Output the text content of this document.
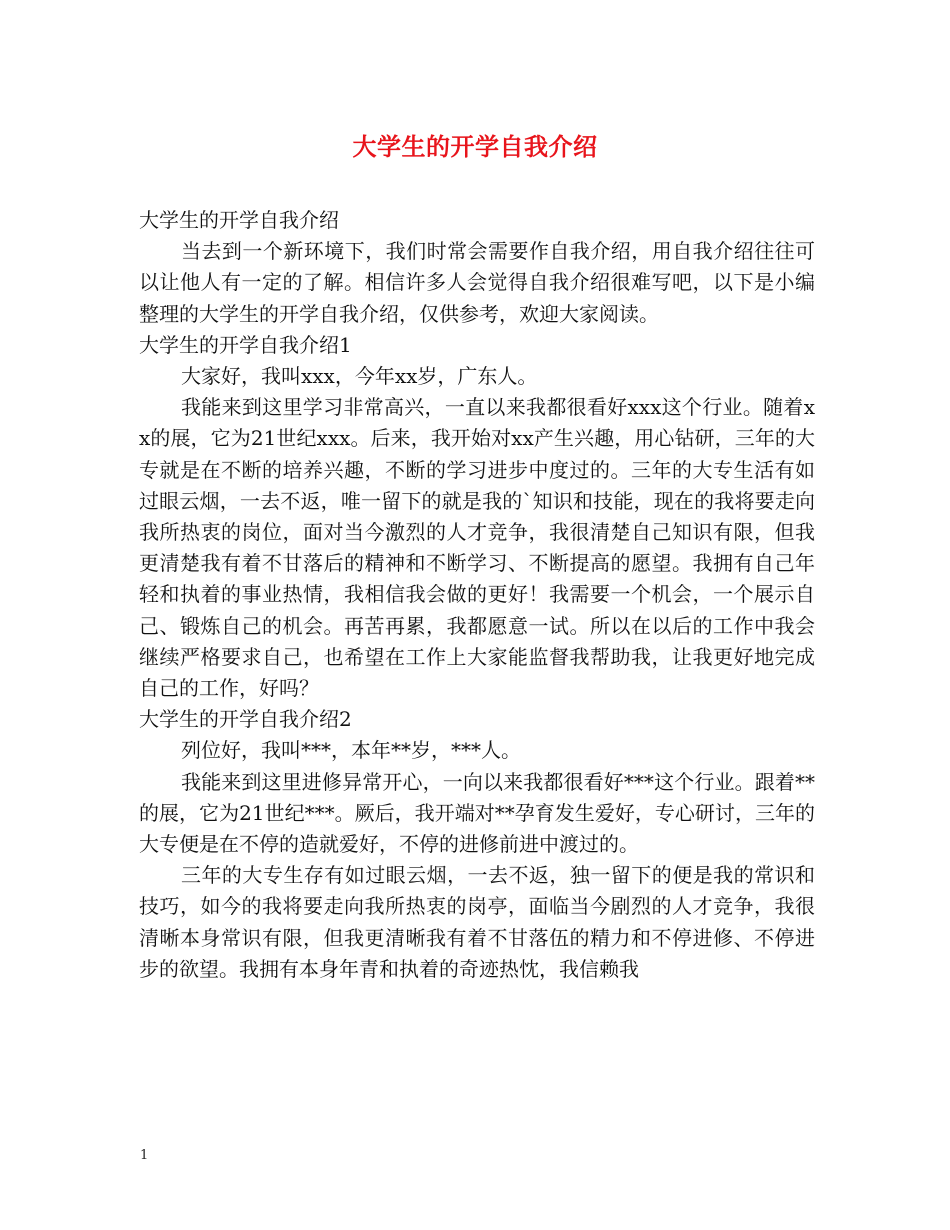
大学生的开学自我介绍

大学生的开学自我介绍

当去到一个新环境下，我们时常会需要作自我介绍，用自我介绍往往可以让他人有一定的了解。相信许多人会觉得自我介绍很难写吧，以下是小编整理的大学生的开学自我介绍，仅供参考，欢迎大家阅读。

大学生的开学自我介绍1

大家好，我叫xxx，今年xx岁，广东人。

我能来到这里学习非常高兴，一直以来我都很看好xxx这个行业。随着xx的展，它为21世纪xxx。后来，我开始对xx产生兴趣，用心钻研，三年的大专就是在不断的培养兴趣，不断的学习进步中度过的。三年的大专生活有如过眼云烟，一去不返，唯一留下的就是我的`知识和技能，现在的我将要走向我所热衷的岗位，面对当今激烈的人才竞争，我很清楚自己知识有限，但我更清楚我有着不甘落后的精神和不断学习、不断提高的愿望。我拥有自己年轻和执着的事业热情，我相信我会做的更好！我需要一个机会，一个展示自己、锻炼自己的机会。再苦再累，我都愿意一试。所以在以后的工作中我会继续严格要求自己，也希望在工作上大家能监督我帮助我，让我更好地完成自己的工作，好吗？

大学生的开学自我介绍2

列位好，我叫***，本年**岁，***人。

我能来到这里进修异常开心，一向以来我都很看好***这个行业。跟着**的展，它为21世纪***。厥后，我开端对**孕育发生爱好，专心研讨，三年的大专便是在不停的造就爱好，不停的进修前进中渡过的。

三年的大专生存有如过眼云烟，一去不返，独一留下的便是我的常识和技巧，如今的我将要走向我所热衷的岗亭，面临当今剧烈的人才竞争，我很清晰本身常识有限，但我更清晰我有着不甘落伍的精力和不停进修、不停进步的欲望。我拥有本身年青和执着的奇迹热忱，我信赖我

1
